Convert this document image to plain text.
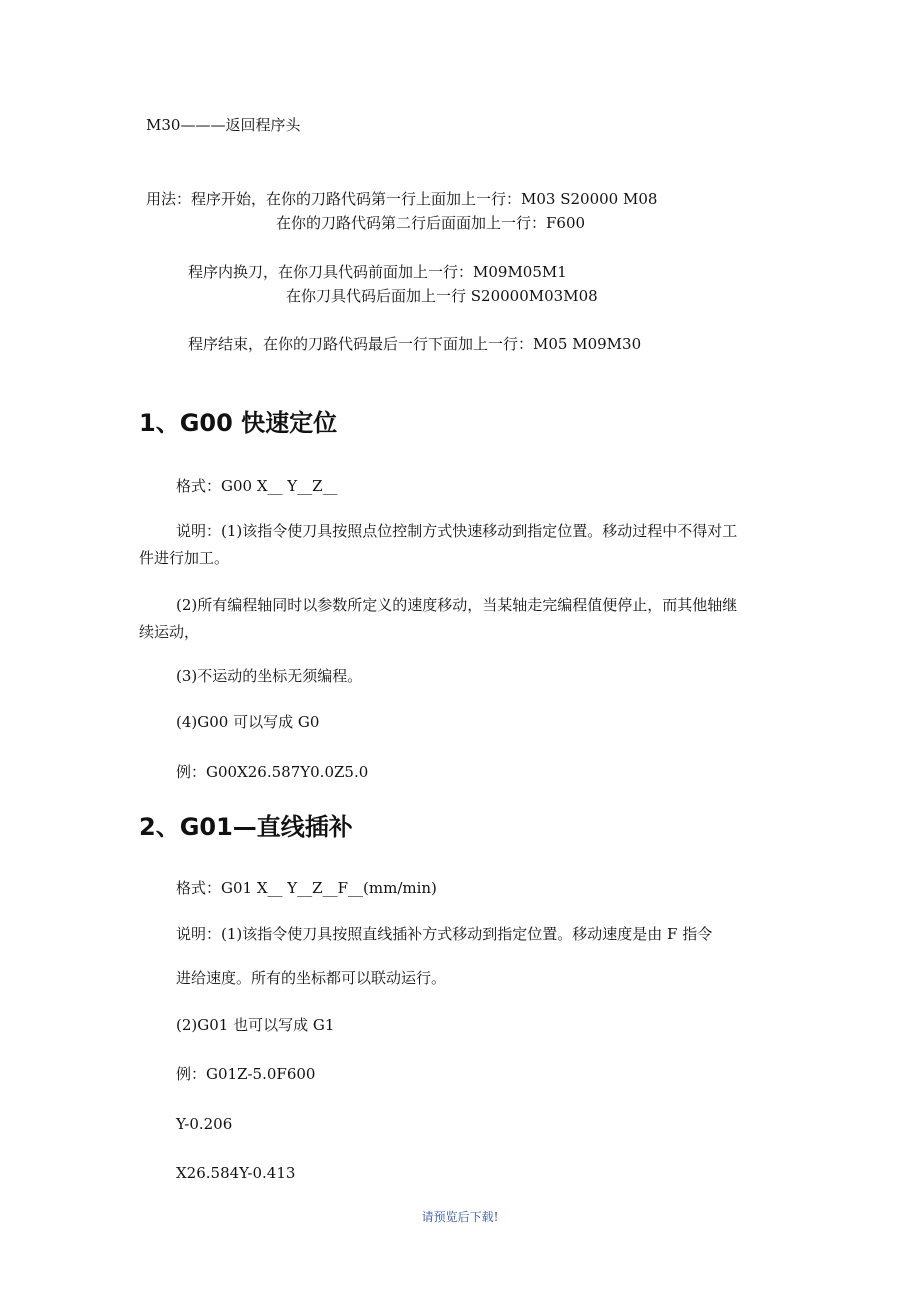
M30———返回程序头
用法：程序开始，在你的刀路代码第一行上面加上一行：M03 S20000 M08
在你的刀路代码第二行后面面加上一行：F600
程序内换刀，在你刀具代码前面加上一行：M09M05M1
在你刀具代码后面加上一行 S20000M03M08
程序结束，在你的刀路代码最后一行下面加上一行：M05 M09M30
1、G00 快速定位
格式：G00 X__ Y__Z__
说明：(1)该指令使刀具按照点位控制方式快速移动到指定位置。移动过程中不得对工
件进行加工。
(2)所有编程轴同时以参数所定义的速度移动，当某轴走完编程值便停止，而其他轴继
续运动，
(3)不运动的坐标无须编程。
(4)G00 可以写成 G0
例：G00X26.587Y0.0Z5.0
2、G01—直线插补
格式：G01 X__ Y__Z__F__(mm/min)
说明：(1)该指令使刀具按照直线插补方式移动到指定位置。移动速度是由 F 指令
进给速度。所有的坐标都可以联动运行。
(2)G01 也可以写成 G1
例：G01Z-5.0F600
Y-0.206
X26.584Y-0.413
请预览后下载!
